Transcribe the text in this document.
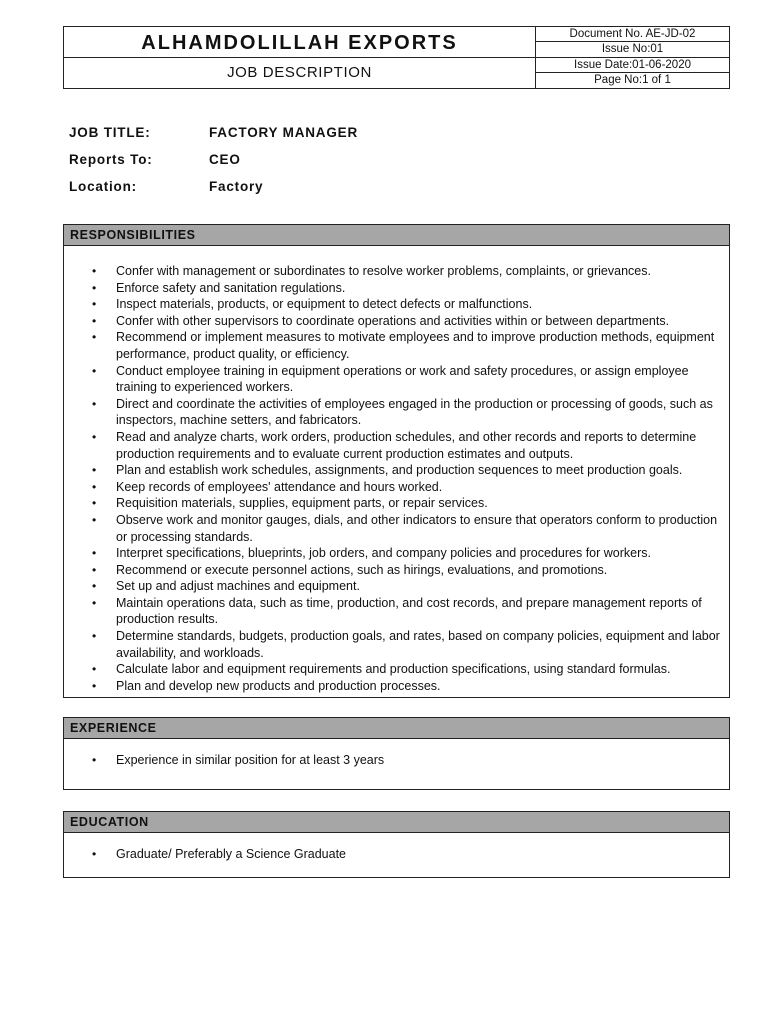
ALHAMDOLILLAH EXPORTS
JOB DESCRIPTION
Document No. AE-JD-02
Issue No:01
Issue Date:01-06-2020
Page No:1 of 1
JOB TITLE:	FACTORY MANAGER
Reports To:	CEO
Location:	Factory
RESPONSIBILITIES
• Confer with management or subordinates to resolve worker problems, complaints, or grievances.
• Enforce safety and sanitation regulations.
• Inspect materials, products, or equipment to detect defects or malfunctions.
• Confer with other supervisors to coordinate operations and activities within or between departments.
• Recommend or implement measures to motivate employees and to improve production methods, equipment performance, product quality, or efficiency.
• Conduct employee training in equipment operations or work and safety procedures, or assign employee training to experienced workers.
• Direct and coordinate the activities of employees engaged in the production or processing of goods, such as inspectors, machine setters, and fabricators.
• Read and analyze charts, work orders, production schedules, and other records and reports to determine production requirements and to evaluate current production estimates and outputs.
• Plan and establish work schedules, assignments, and production sequences to meet production goals.
• Keep records of employees' attendance and hours worked.
• Requisition materials, supplies, equipment parts, or repair services.
• Observe work and monitor gauges, dials, and other indicators to ensure that operators conform to production or processing standards.
• Interpret specifications, blueprints, job orders, and company policies and procedures for workers.
• Recommend or execute personnel actions, such as hirings, evaluations, and promotions.
• Set up and adjust machines and equipment.
• Maintain operations data, such as time, production, and cost records, and prepare management reports of production results.
• Determine standards, budgets, production goals, and rates, based on company policies, equipment and labor availability, and workloads.
• Calculate labor and equipment requirements and production specifications, using standard formulas.
• Plan and develop new products and production processes.
EXPERIENCE
• Experience in similar position for at least 3 years
EDUCATION
• Graduate/ Preferably a Science Graduate
